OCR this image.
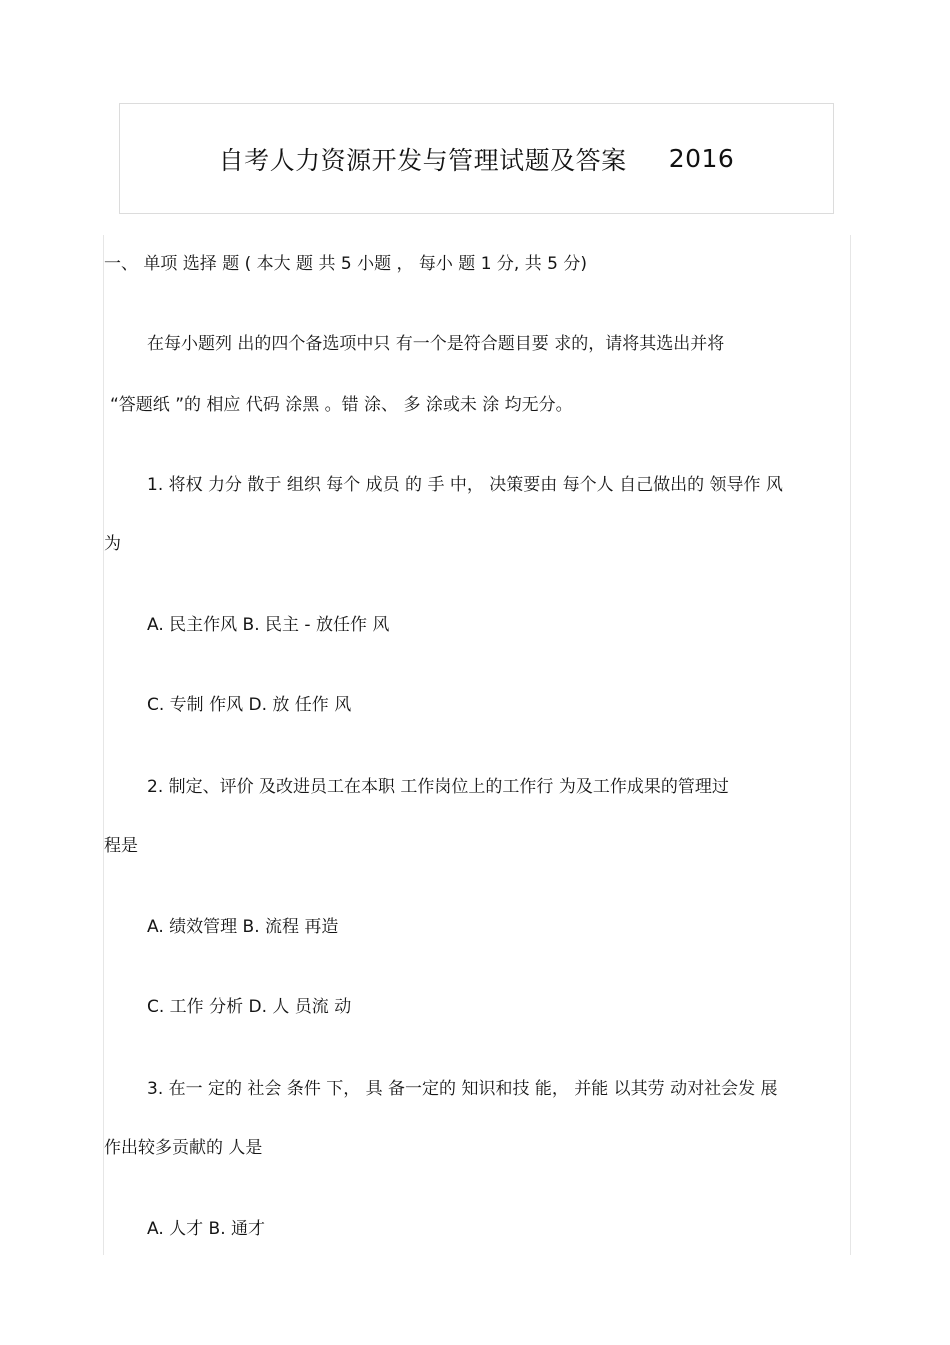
自考人力资源开发与管理试题及答案 2016
一、 单项 选择 题 ( 本大 题 共 5 小题 ， 每小 题 1 分, 共 5 分)
在每小题列 出的四个备选项中只 有一个是符合题目要 求的，请将其选出并将
“答题纸 ”的 相应 代码 涂黑 。错 涂、 多 涂或未 涂 均无分。
1. 将权 力分 散于 组织 每个 成员 的 手 中， 决策要由 每个人 自己做出的 领导作 风
为
A. 民主作风 B. 民主 - 放任作 风
C. 专制 作风 D. 放 任作 风
2. 制定、评价 及改进员工在本职 工作岗位上的工作行 为及工作成果的管理过
程是
A. 绩效管理 B. 流程 再造
C. 工作 分析 D. 人 员流 动
3. 在一 定的 社会 条件 下， 具 备一定的 知识和技 能， 并能 以其劳 动对社会发 展
作出较多贡献的 人是
A. 人才 B. 通才
